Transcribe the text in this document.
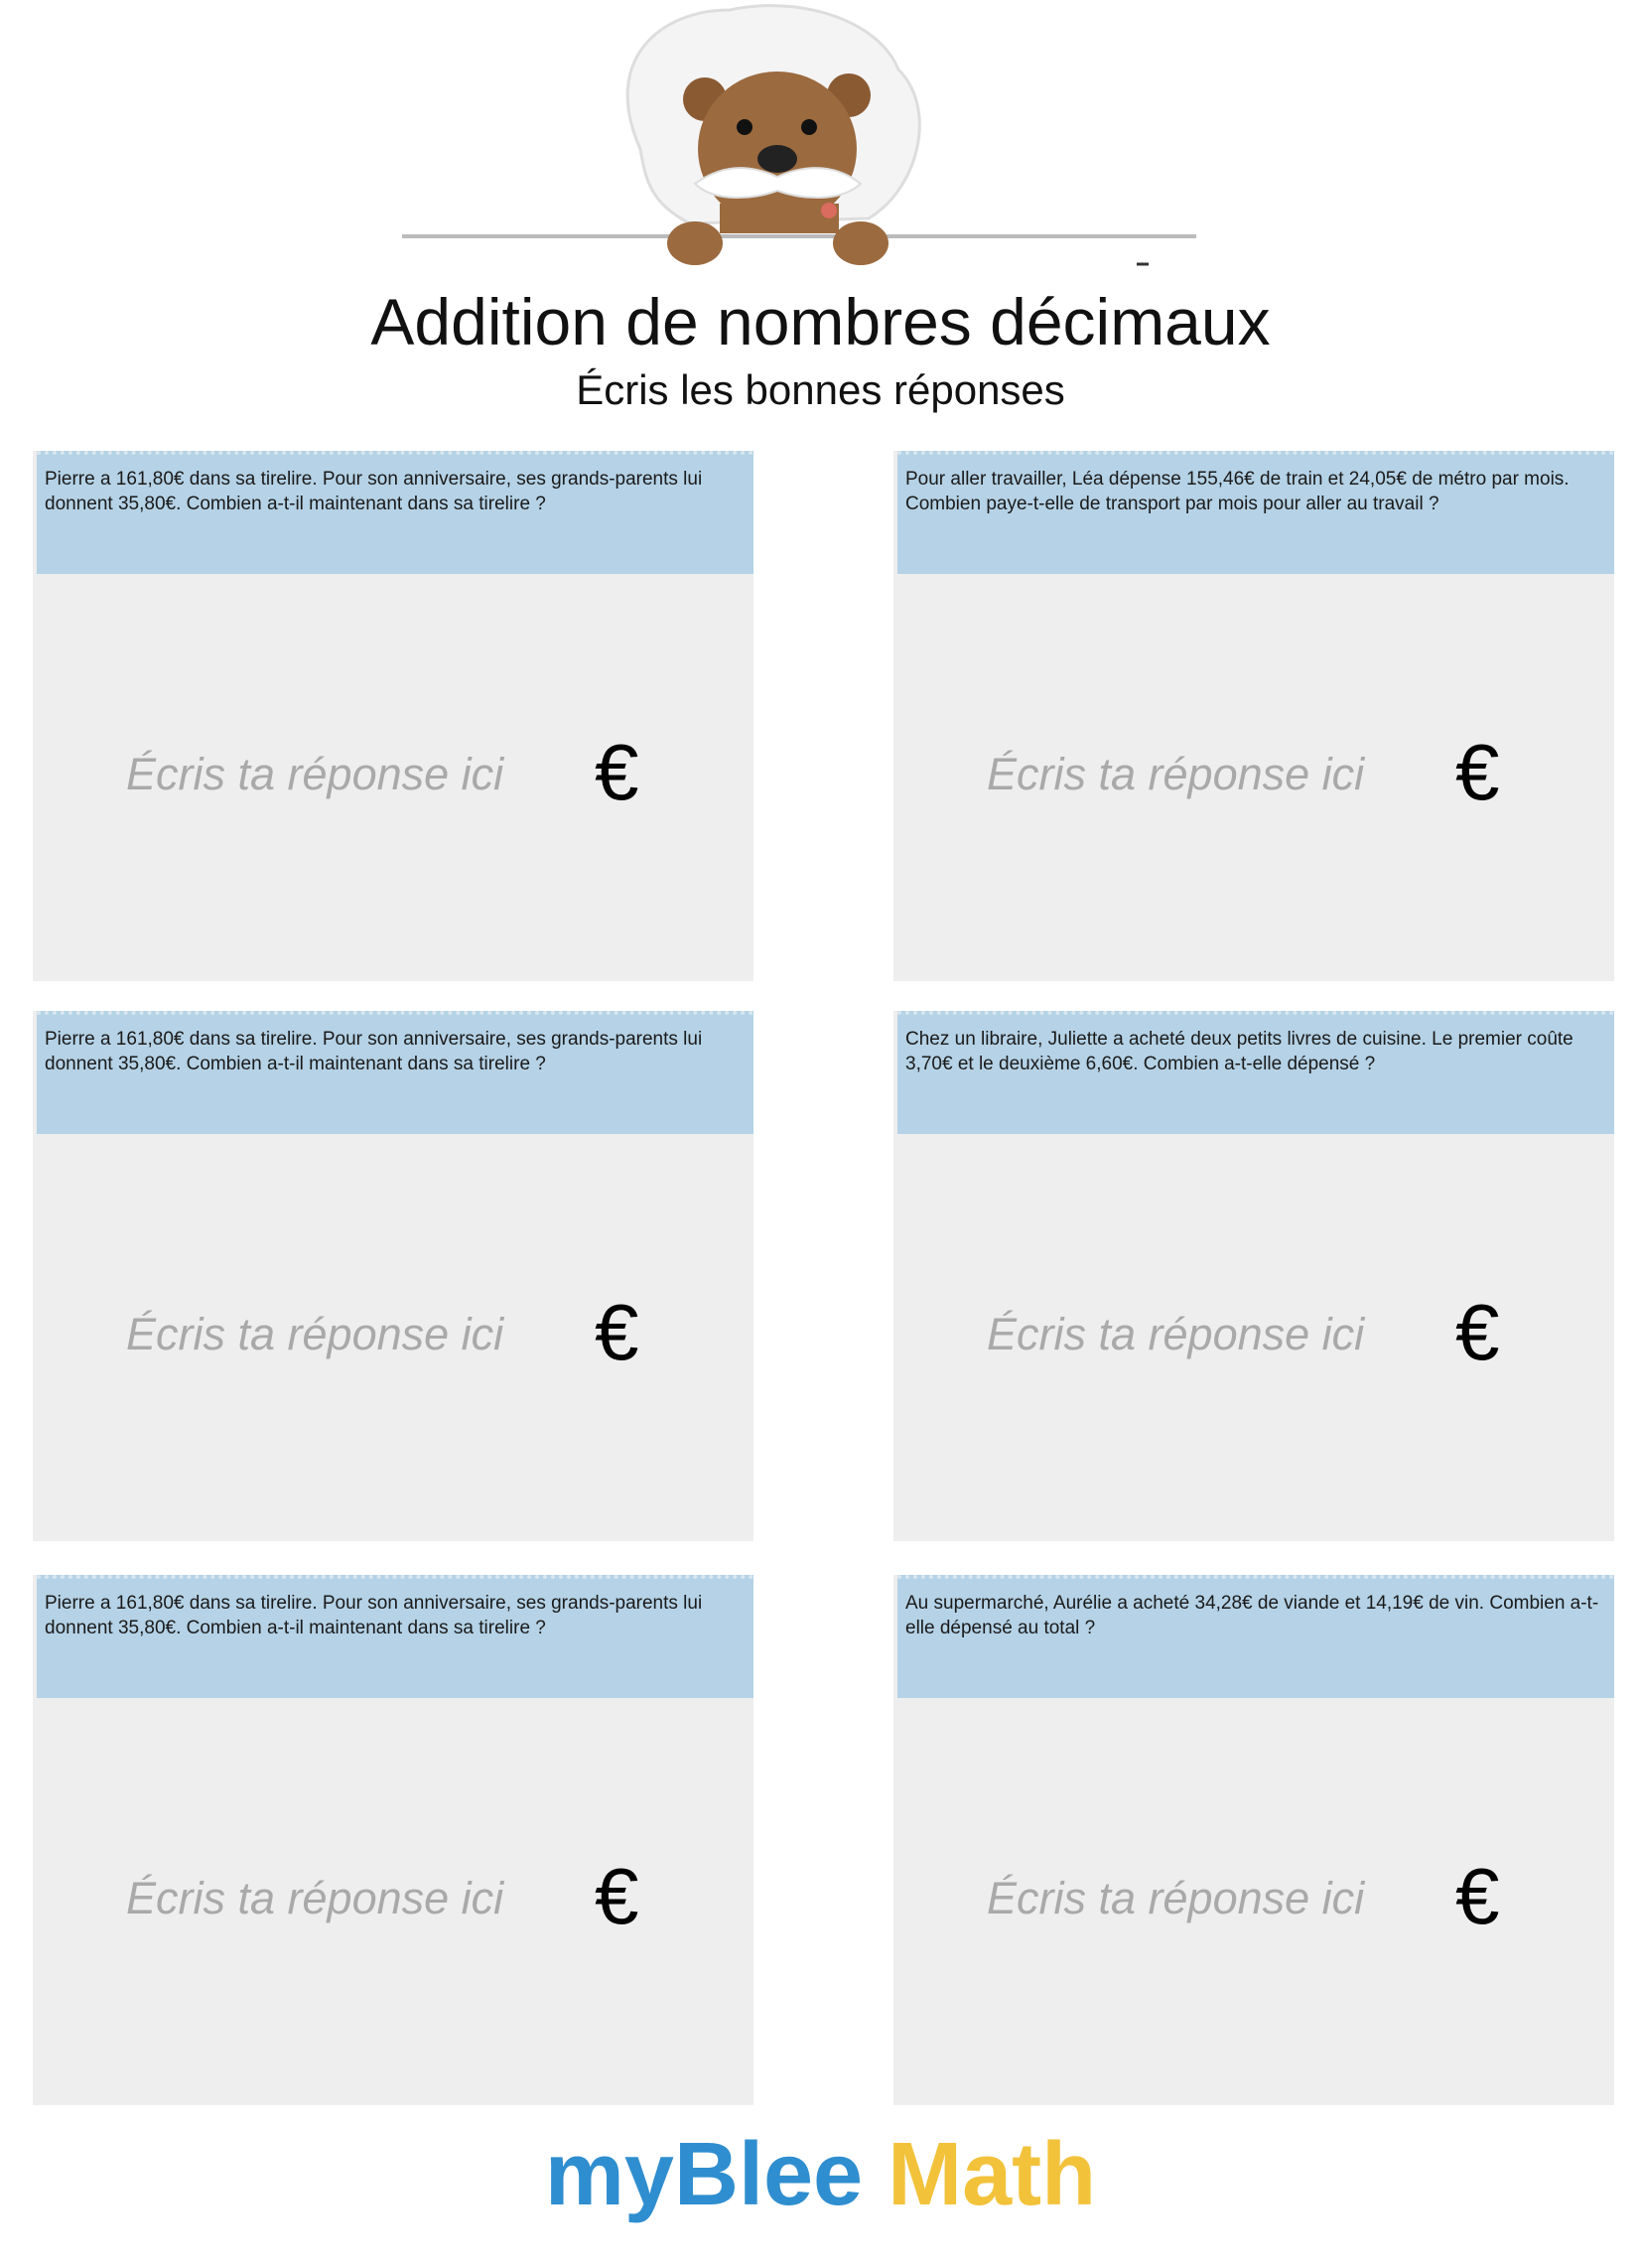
Addition de nombres décimaux
Écris les bonnes réponses
Pierre a 161,80€ dans sa tirelire. Pour son anniversaire, ses grands-parents lui donnent 35,80€. Combien a-t-il maintenant dans sa tirelire ?
Écris ta réponse ici €
Pour aller travailler, Léa dépense 155,46€ de train et 24,05€ de métro par mois. Combien paye-t-elle de transport par mois pour aller au travail ?
Écris ta réponse ici €
Pierre a 161,80€ dans sa tirelire. Pour son anniversaire, ses grands-parents lui donnent 35,80€. Combien a-t-il maintenant dans sa tirelire ?
Écris ta réponse ici €
Chez un libraire, Juliette a acheté deux petits livres de cuisine. Le premier coûte 3,70€ et le deuxième 6,60€. Combien a-t-elle dépensé ?
Écris ta réponse ici €
Pierre a 161,80€ dans sa tirelire. Pour son anniversaire, ses grands-parents lui donnent 35,80€. Combien a-t-il maintenant dans sa tirelire ?
Écris ta réponse ici €
Au supermarché, Aurélie a acheté 34,28€ de viande et 14,19€ de vin. Combien a-t-elle dépensé au total ?
Écris ta réponse ici €
myBlee Math
